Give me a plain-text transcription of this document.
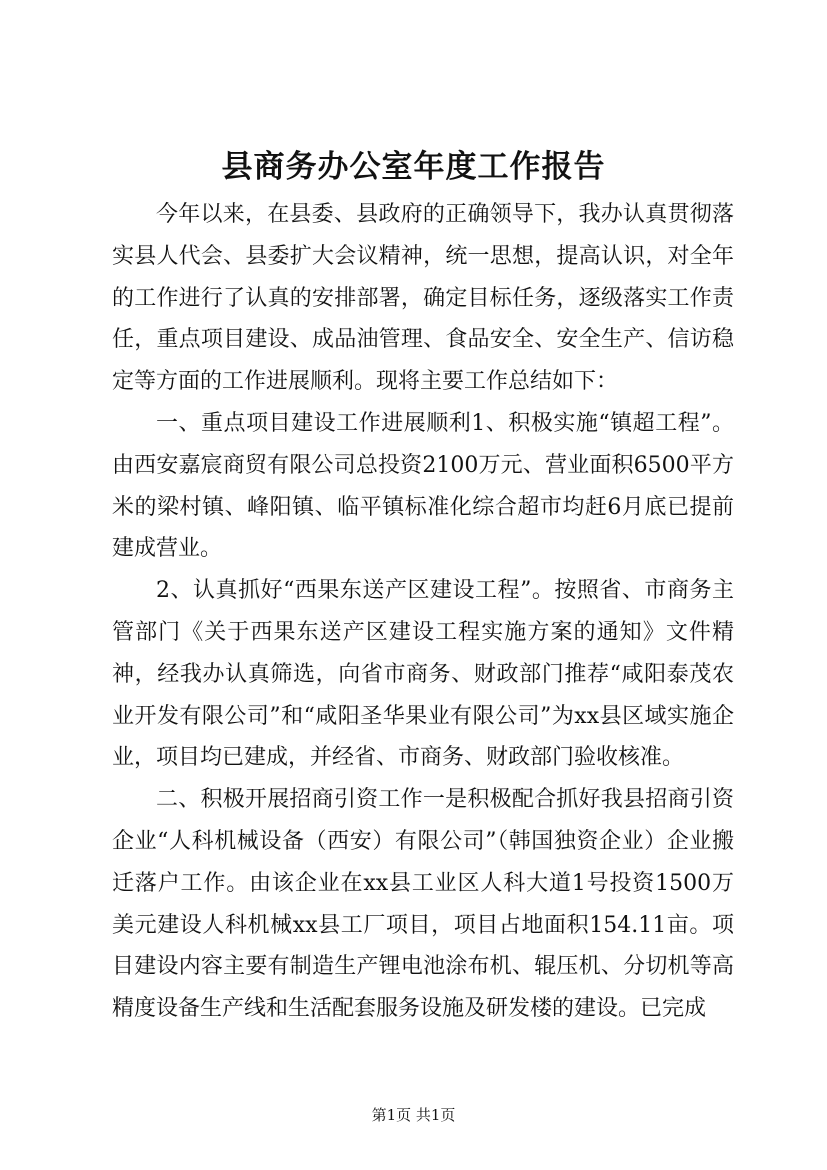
县商务办公室年度工作报告

今年以来，在县委、县政府的正确领导下，我办认真贯彻落实县人代会、县委扩大会议精神，统一思想，提高认识，对全年的工作进行了认真的安排部署，确定目标任务，逐级落实工作责任，重点项目建设、成品油管理、食品安全、安全生产、信访稳定等方面的工作进展顺利。现将主要工作总结如下：

一、重点项目建设工作进展顺利1、积极实施“镇超工程”。由西安嘉宸商贸有限公司总投资2100万元、营业面积6500平方米的梁村镇、峰阳镇、临平镇标准化综合超市均赶6月底已提前建成营业。

2、认真抓好“西果东送产区建设工程”。按照省、市商务主管部门《关于西果东送产区建设工程实施方案的通知》文件精神，经我办认真筛选，向省市商务、财政部门推荐“咸阳泰茂农业开发有限公司”和“咸阳圣华果业有限公司”为xx县区域实施企业，项目均已建成，并经省、市商务、财政部门验收核准。

二、积极开展招商引资工作一是积极配合抓好我县招商引资企业“人科机械设备（西安）有限公司”（韩国独资企业）企业搬迁落户工作。由该企业在xx县工业区人科大道1号投资1500万美元建设人科机械xx县工厂项目，项目占地面积154.11亩。项目建设内容主要有制造生产锂电池涂布机、辊压机、分切机等高精度设备生产线和生活配套服务设施及研发楼的建设。已完成

第1页 共1页
